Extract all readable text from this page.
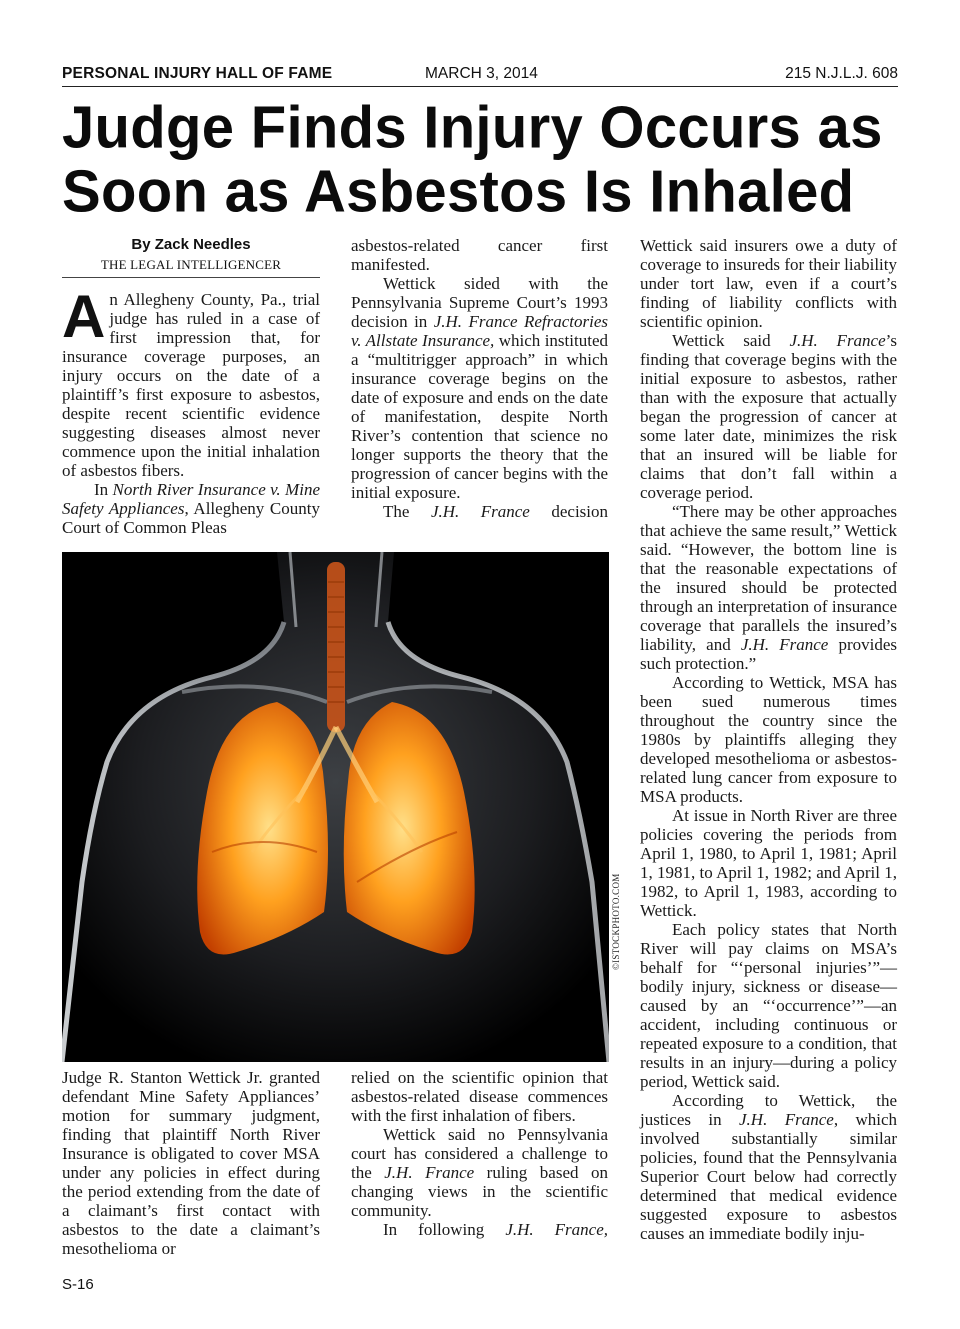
PERSONAL INJURY HALL OF FAME	MARCH 3, 2014	215 N.J.L.J. 608
Judge Finds Injury Occurs as
Soon as Asbestos Is Inhaled
By Zack Needles
THE LEGAL INTELLIGENCER

An Allegheny County, Pa., trial judge has ruled in a case of first impression that, for insurance coverage purposes, an injury occurs on the date of a plaintiff’s first exposure to asbestos, despite recent scientific evidence suggesting diseases almost never commence upon the initial inhalation of asbestos fibers.

In North River Insurance v. Mine Safety Appliances, Allegheny County Court of Common Pleas

asbestos-related cancer first manifested.

Wettick sided with the Pennsylvania Supreme Court’s 1993 decision in J.H. France Refractories v. Allstate Insurance, which instituted a “multitrigger approach” in which insurance coverage begins on the date of exposure and ends on the date of manifestation, despite North River’s contention that science no longer supports the theory that the progression of cancer begins with the initial exposure.

The J.H. France decision

©ISTOCKPHOTO.COM

Judge R. Stanton Wettick Jr. granted defendant Mine Safety Appliances’ motion for summary judgment, finding that plaintiff North River Insurance is obligated to cover MSA under any policies in effect during the period extending from the date of a claimant’s first contact with asbestos to the date a claimant’s mesothelioma or

relied on the scientific opinion that asbestos-related disease commences with the first inhalation of fibers.

Wettick said no Pennsylvania court has considered a challenge to the J.H. France ruling based on changing views in the scientific community.

In following J.H. France,

Wettick said insurers owe a duty of coverage to insureds for their liability under tort law, even if a court’s finding of liability conflicts with scientific opinion.

Wettick said J.H. France’s finding that coverage begins with the initial exposure to asbestos, rather than with the exposure that actually began the progression of cancer at some later date, minimizes the risk that an insured will be liable for claims that don’t fall within a coverage period.

“There may be other approaches that achieve the same result,” Wettick said. “However, the bottom line is that the reasonable expectations of the insured should be protected through an interpretation of insurance coverage that parallels the insured’s liability, and J.H. France provides such protection.”

According to Wettick, MSA has been sued numerous times throughout the country since the 1980s by plaintiffs alleging they developed mesothelioma or asbestos-related lung cancer from exposure to MSA products.

At issue in North River are three policies covering the periods from April 1, 1980, to April 1, 1981; April 1, 1981, to April 1, 1982; and April 1, 1982, to April 1, 1983, according to Wettick.

Each policy states that North River will pay claims on MSA’s behalf for “‘personal injuries’”—bodily injury, sickness or disease—caused by an “‘occurrence’”—an accident, including continuous or repeated exposure to a condition, that results in an injury—during a policy period, Wettick said.

According to Wettick, the justices in J.H. France, which involved substantially similar policies, found that the Pennsylvania Superior Court below had correctly determined that medical evidence suggested exposure to asbestos causes an immediate bodily inju-

S-16
